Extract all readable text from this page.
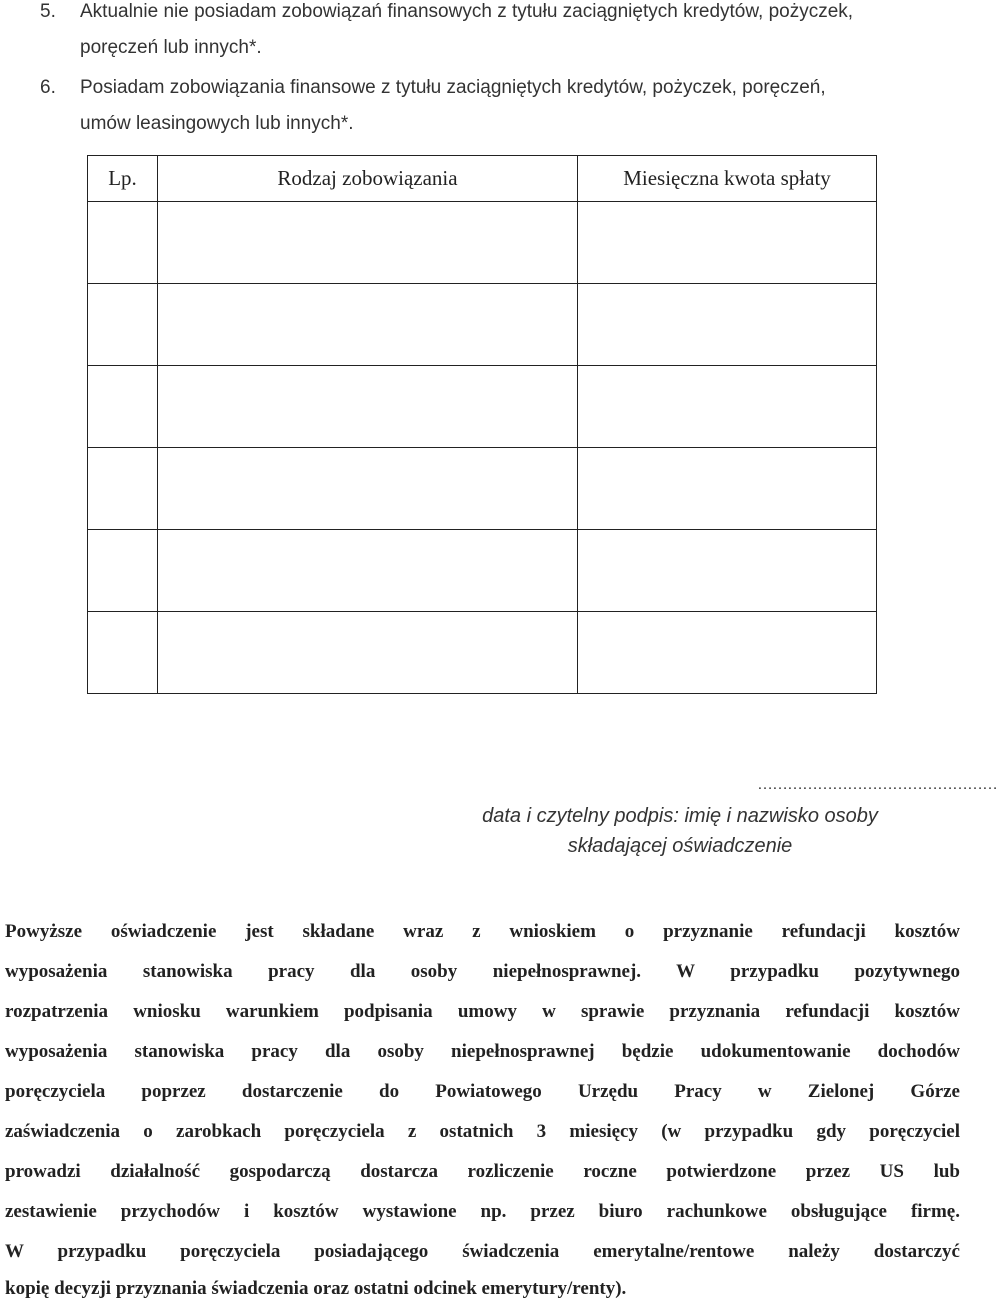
5. Aktualnie nie posiadam zobowiązań finansowych z tytułu zaciągniętych kredytów, pożyczek,
poręczeń lub innych*.
6. Posiadam zobowiązania finansowe z tytułu zaciągniętych kredytów, pożyczek, poręczeń,
umów leasingowych lub innych*.
Lp.	Rodzaj zobowiązania	Miesięczna kwota spłaty

…………………………………………
data i czytelny podpis: imię i nazwisko osoby
składającej oświadczenie
Powyższe oświadczenie jest składane wraz z wnioskiem o przyznanie refundacji kosztów
wyposażenia stanowiska pracy dla osoby niepełnosprawnej. W przypadku pozytywnego
rozpatrzenia wniosku warunkiem podpisania umowy w sprawie przyznania refundacji kosztów
wyposażenia stanowiska pracy dla osoby niepełnosprawnej będzie udokumentowanie dochodów
poręczyciela poprzez dostarczenie do Powiatowego Urzędu Pracy w Zielonej Górze
zaświadczenia o zarobkach poręczyciela z ostatnich 3 miesięcy (w przypadku gdy poręczyciel
prowadzi działalność gospodarczą dostarcza rozliczenie roczne potwierdzone przez US lub
zestawienie przychodów i kosztów wystawione np. przez biuro rachunkowe obsługujące firmę.
W przypadku poręczyciela posiadającego świadczenia emerytalne/rentowe należy dostarczyć
kopię decyzji przyznania świadczenia oraz ostatni odcinek emerytury/renty).
